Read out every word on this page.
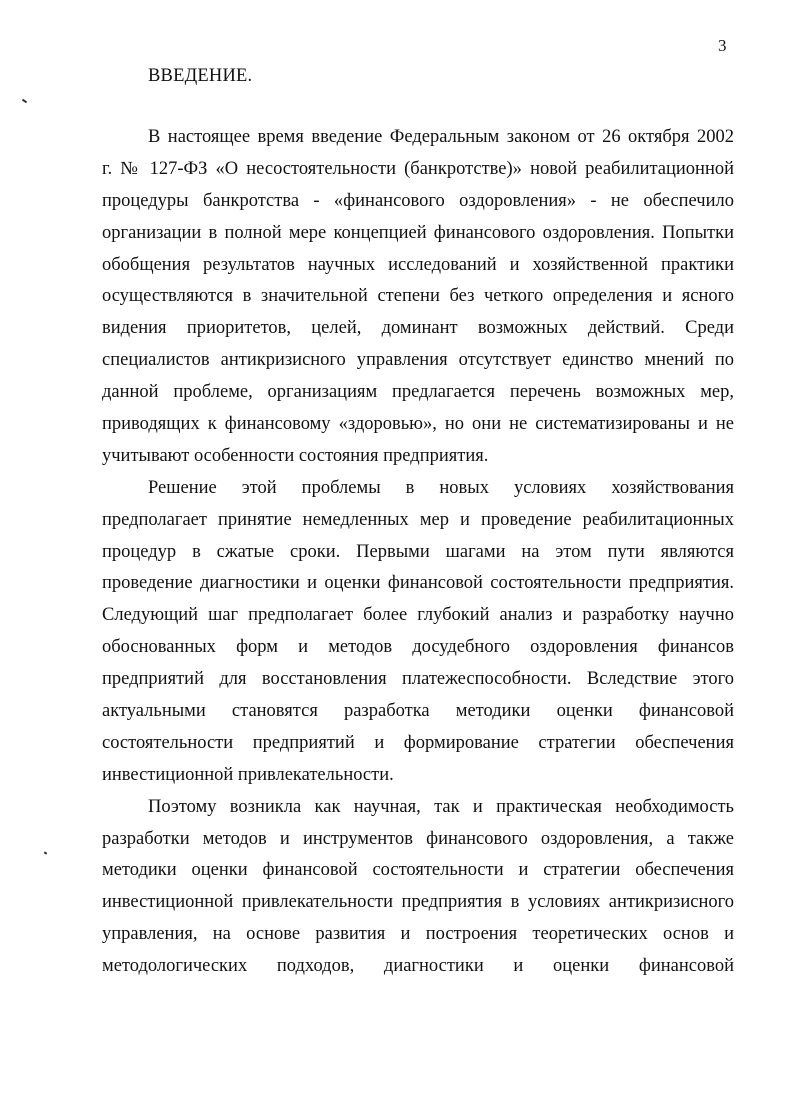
3
ВВЕДЕНИЕ.

В настоящее время введение Федеральным законом от 26 октября 2002
г. № 127-ФЗ «О несостоятельности (банкротстве)» новой реабилитационной
процедуры банкротства - «финансового оздоровления» - не обеспечило
организации в полной мере концепцией финансового оздоровления. Попытки
обобщения результатов научных исследований и хозяйственной практики
осуществляются в значительной степени без четкого определения и ясного
видения приоритетов, целей, доминант возможных действий. Среди
специалистов антикризисного управления отсутствует единство мнений по
данной проблеме, организациям предлагается перечень возможных мер,
приводящих к финансовому «здоровью», но они не систематизированы и не
учитывают особенности состояния предприятия.

Решение этой проблемы в новых условиях хозяйствования
предполагает принятие немедленных мер и проведение реабилитационных
процедур в сжатые сроки. Первыми шагами на этом пути являются
проведение диагностики и оценки финансовой состоятельности предприятия.
Следующий шаг предполагает более глубокий анализ и разработку научно
обоснованных форм и методов досудебного оздоровления финансов
предприятий для восстановления платежеспособности. Вследствие этого
актуальными становятся разработка методики оценки финансовой
состоятельности предприятий и формирование стратегии обеспечения
инвестиционной привлекательности.

Поэтому возникла как научная, так и практическая необходимость
разработки методов и инструментов финансового оздоровления, а также
методики оценки финансовой состоятельности и стратегии обеспечения
инвестиционной привлекательности предприятия в условиях антикризисного
управления, на основе развития и построения теоретических основ и
методологических подходов, диагностики и оценки финансовой
